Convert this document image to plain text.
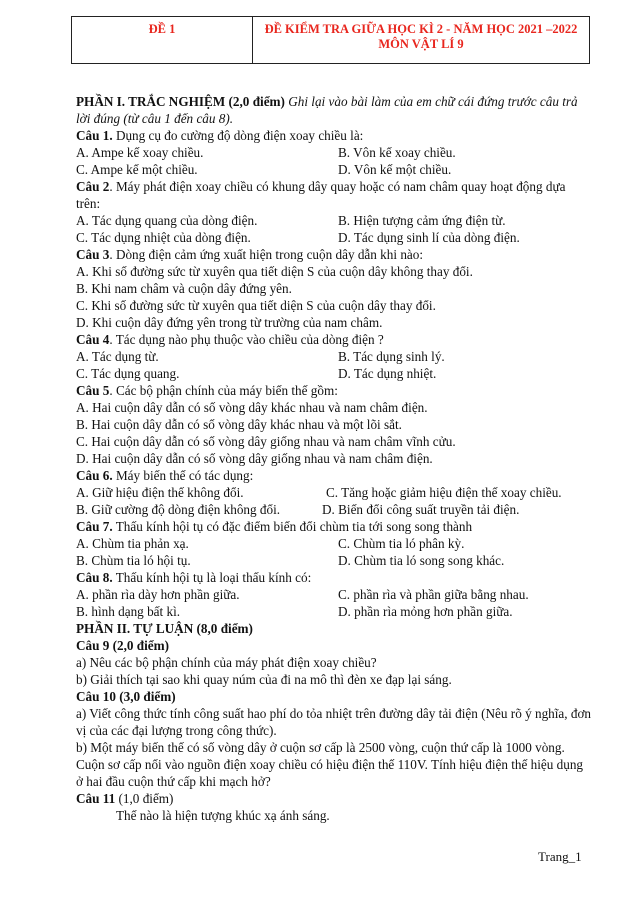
ĐỀ 1	ĐỀ KIỂM TRA GIỮA HỌC KÌ 2 - NĂM HỌC 2021 –2022
MÔN VẬT LÍ 9
PHẦN I. TRẮC NGHIỆM (2,0 điểm) Ghi lại vào bài làm của em chữ cái đứng trước câu trả lời đúng (từ câu 1 đến câu 8).
Câu 1. Dụng cụ đo cường độ dòng điện xoay chiều là:
A. Ampe kế xoay chiều.	B. Vôn kế xoay chiều.
C. Ampe kế một chiều.	D. Vôn kế một chiều.
Câu 2. Máy phát điện xoay chiều có khung dây quay hoặc có nam châm quay hoạt động dựa trên:
A. Tác dụng quang của dòng điện.	B. Hiện tượng cảm ứng điện từ.
C. Tác dụng nhiệt của dòng điện.	D. Tác dụng sinh lí của dòng điện.
Câu 3. Dòng điện cảm ứng xuất hiện trong cuộn dây dẫn khi nào:
A. Khi số đường sức từ xuyên qua tiết diện S của cuộn dây không thay đổi.
B. Khi nam châm và cuộn dây đứng yên.
C. Khi số đường sức từ xuyên qua tiết diện S của cuộn dây thay đổi.
D. Khi cuộn dây đứng yên trong từ trường của nam châm.
Câu 4. Tác dụng nào phụ thuộc vào chiều của dòng điện ?
A. Tác dụng từ.	B. Tác dụng sinh lý.
C. Tác dụng quang.	D. Tác dụng nhiệt.
Câu 5. Các bộ phận chính của máy biến thế gồm:
A. Hai cuộn dây dẫn có số vòng dây khác nhau và nam châm điện.
B. Hai cuộn dây dẫn có số vòng dây khác nhau và một lõi sắt.
C. Hai cuộn dây dẫn có số vòng dây giống nhau và nam châm vĩnh cửu.
D. Hai cuộn dây dẫn có số vòng dây giống nhau và nam châm điện.
Câu 6. Máy biến thế có tác dụng:
A. Giữ hiệu điện thế không đổi.	C. Tăng hoặc giảm hiệu điện thế xoay chiều.
B. Giữ cường độ dòng điện không đổi.	D. Biến đổi công suất truyền tải điện.
Câu 7. Thấu kính hội tụ có đặc điểm biến đổi chùm tia tới song song thành
A. Chùm tia phản xạ.	C. Chùm tia ló phân kỳ.
B. Chùm tia ló hội tụ.	D. Chùm tia ló song song khác.
Câu 8. Thấu kính hội tụ là loại thấu kính có:
A. phần rìa dày hơn phần giữa.	C. phần rìa và phần giữa bằng nhau.
B. hình dạng bất kì.	D. phần rìa mỏng hơn phần giữa.
PHẦN II. TỰ LUẬN (8,0 điểm)
Câu 9 (2,0 điểm)
a) Nêu các bộ phận chính của máy phát điện xoay chiều?
b) Giải thích tại sao khi quay núm của đi na mô thì đèn xe đạp lại sáng.
Câu 10 (3,0 điểm)
a) Viết công thức tính công suất hao phí do tỏa nhiệt trên đường dây tải điện (Nêu rõ ý nghĩa, đơn vị của các đại lượng trong công thức).
b) Một máy biến thế có số vòng dây ở cuộn sơ cấp là 2500 vòng, cuộn thứ cấp là 1000 vòng. Cuộn sơ cấp nối vào nguồn điện xoay chiều có hiệu điện thế 110V. Tính hiệu điện thế hiệu dụng ở hai đầu cuộn thứ cấp khi mạch hở?
Câu 11 (1,0 điểm)
Thế nào là hiện tượng khúc xạ ánh sáng.
Trang_1
